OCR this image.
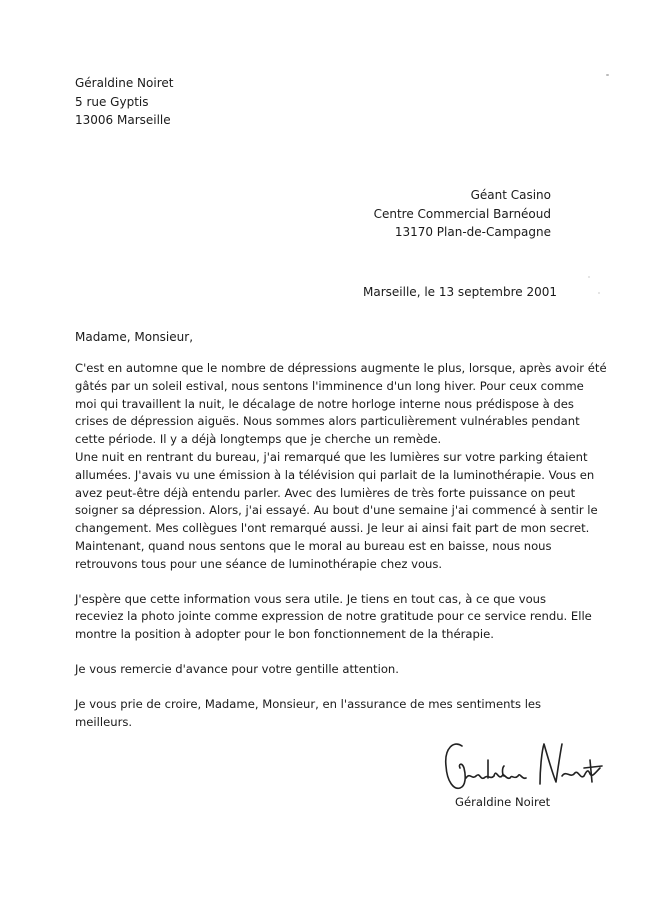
Géraldine Noiret
5 rue Gyptis
13006 Marseille
Géant Casino
Centre Commercial Barnéoud
13170 Plan-de-Campagne
Marseille, le 13 septembre 2001
Madame, Monsieur,
C'est en automne que le nombre de dépressions augmente le plus, lorsque, après avoir été
gâtés par un soleil estival, nous sentons l'imminence d'un long hiver. Pour ceux comme
moi qui travaillent la nuit, le décalage de notre horloge interne nous prédispose à des
crises de dépression aiguës. Nous sommes alors particulièrement vulnérables pendant
cette période. Il y a déjà longtemps que je cherche un remède.
Une nuit en rentrant du bureau, j'ai remarqué que les lumières sur votre parking étaient
allumées. J'avais vu une émission à la télévision qui parlait de la luminothérapie. Vous en
avez peut-être déjà entendu parler. Avec des lumières de très forte puissance on peut
soigner sa dépression. Alors, j'ai essayé. Au bout d'une semaine j'ai commencé à sentir le
changement. Mes collègues l'ont remarqué aussi. Je leur ai ainsi fait part de mon secret.
Maintenant, quand nous sentons que le moral au bureau est en baisse, nous nous
retrouvons tous pour une séance de luminothérapie chez vous.
J'espère que cette information vous sera utile. Je tiens en tout cas, à ce que vous
receviez la photo jointe comme expression de notre gratitude pour ce service rendu. Elle
montre la position à adopter pour le bon fonctionnement de la thérapie.
Je vous remercie d'avance pour votre gentille attention.
Je vous prie de croire, Madame, Monsieur, en l'assurance de mes sentiments les
meilleurs.
Géraldine Noiret
